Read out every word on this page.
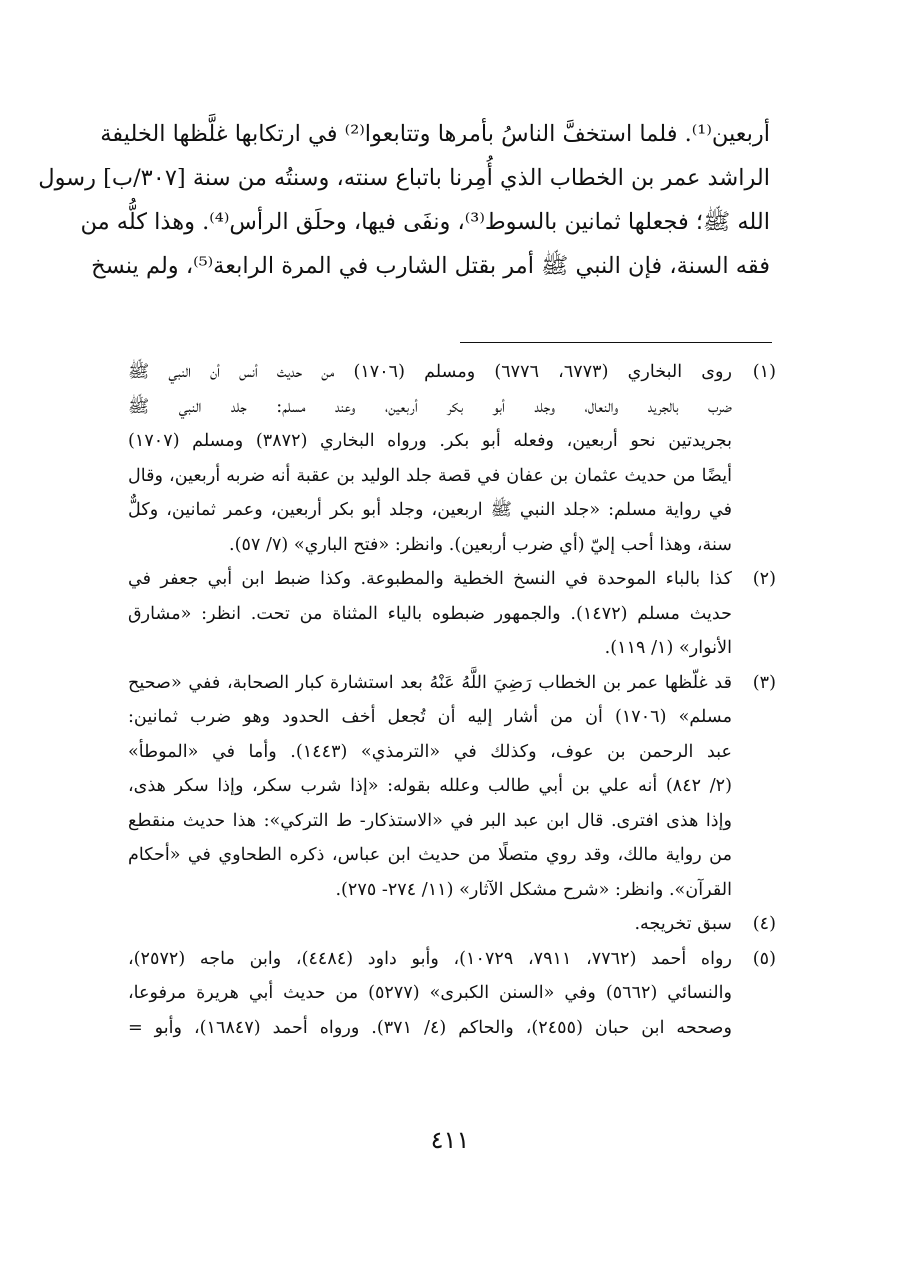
أربعين⁽¹⁾. فلما استخفَّ الناسُ بأمرها وتتابعوا⁽²⁾ في ارتكابها غلَّظها الخليفة
الراشد عمر بن الخطاب الذي أُمِرنا باتباع سنته، وسنتُه من سنة [٣٠٧/ب] رسول
الله ﷺ؛ فجعلها ثمانين بالسوط⁽³⁾، ونفَى فيها، وحلَق الرأس⁽⁴⁾. وهذا كلُّه من
فقه السنة، فإن النبي ﷺ أمر بقتل الشارب في المرة الرابعة⁽⁵⁾، ولم ينسخ
(١)
روى البخاري (٦٧٧٣، ٦٧٧٦) ومسلم (١٧٠٦) من حديث أنس أن النبي ﷺ
ضرب بالجريد والنعال، وجلد أبو بكر أربعين، وعند مسلم: جلد النبي ﷺ
بجريدتين نحو أربعين، وفعله أبو بكر. ورواه البخاري (٣٨٧٢) ومسلم (١٧٠٧)
أيضًا من حديث عثمان بن عفان في قصة جلد الوليد بن عقبة أنه ضربه أربعين، وقال
في رواية مسلم: «جلد النبي ﷺ اربعين، وجلد أبو بكر أربعين، وعمر ثمانين، وكلٌّ
سنة، وهذا أحب إليّ (أي ضرب أربعين). وانظر: «فتح الباري» (٧/ ٥٧).
(٢)
كذا بالباء الموحدة في النسخ الخطية والمطبوعة. وكذا ضبط ابن أبي جعفر في
حديث مسلم (١٤٧٢). والجمهور ضبطوه بالياء المثناة من تحت. انظر: «مشارق
الأنوار» (١/ ١١٩).
(٣)
قد غلّظها عمر بن الخطاب رَضِيَ اللَّهُ عَنْهُ بعد استشارة كبار الصحابة، ففي «صحيح
مسلم» (١٧٠٦) أن من أشار إليه أن تُجعل أخف الحدود وهو ضرب ثمانين:
عبد الرحمن بن عوف، وكذلك في «الترمذي» (١٤٤٣). وأما في «الموطأ»
(٢/ ٨٤٢) أنه علي بن أبي طالب وعلله بقوله: «إذا شرب سكر، وإذا سكر هذى،
وإذا هذى افترى. قال ابن عبد البر في «الاستذكار- ط التركي»: هذا حديث منقطع
من رواية مالك، وقد روي متصلًا من حديث ابن عباس، ذكره الطحاوي في «أحكام
القرآن». وانظر: «شرح مشكل الآثار» (١١/ ٢٧٤- ٢٧٥).
(٤)
سبق تخريجه.
(٥)
رواه أحمد (٧٧٦٢، ٧٩١١، ١٠٧٢٩)، وأبو داود (٤٤٨٤)، وابن ماجه (٢٥٧٢)،
والنسائي (٥٦٦٢) وفي «السنن الكبرى» (٥٢٧٧) من حديث أبي هريرة مرفوعا،
وصححه ابن حبان (٢٤٥٥)، والحاكم (٤/ ٣٧١). ورواه أحمد (١٦٨٤٧)، وأبو =
٤١١
